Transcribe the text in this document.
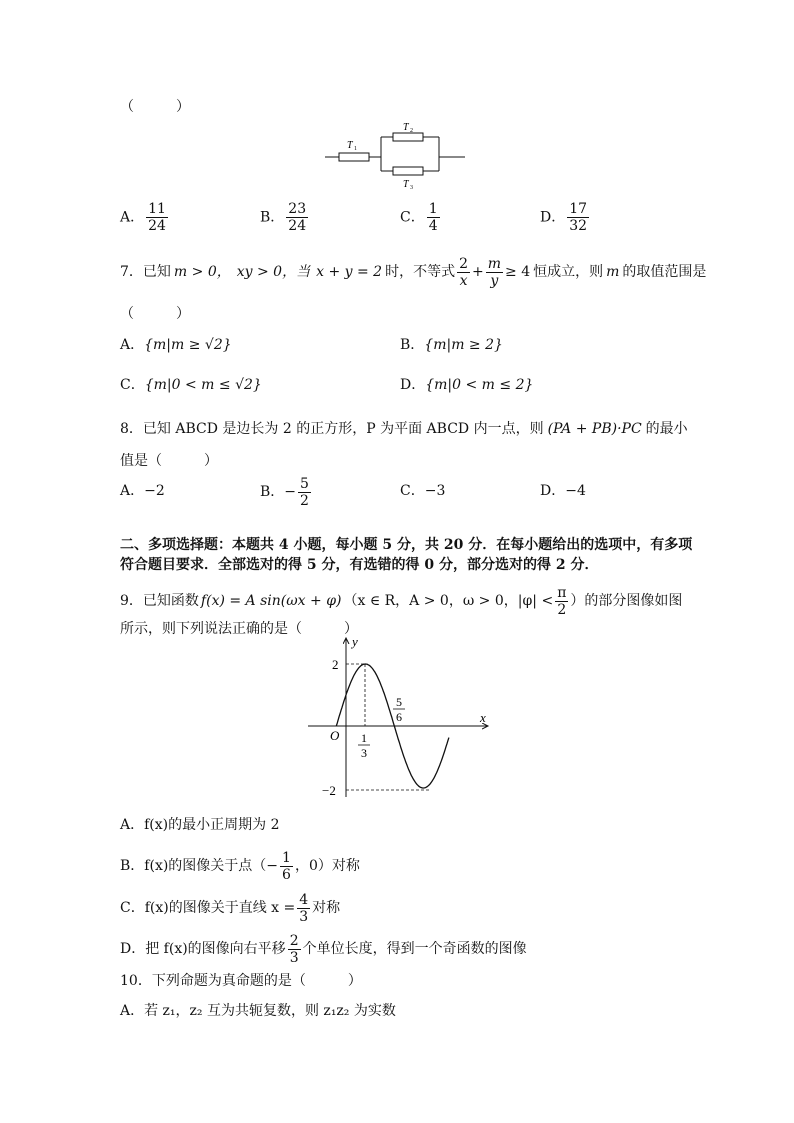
（　　　）
T 1
T 2
T 3
A． $\frac{11}{24}$	B． $\frac{23}{24}$	C． $\frac{1}{4}$	D． $\frac{17}{32}$
7．已知 m > 0， xy > 0，当 x + y = 2 时，不等式 $\frac{2}{x} + \frac{m}{y} \ge 4$ 恒成立，则 m 的取值范围是
（　　　）
A．{m|m ≥ √2}	B．{m|m ≥ 2}
C．{m|0 < m ≤ √2}	D．{m|0 < m ≤ 2}
8．已知 ABCD 是边长为 2 的正方形，P 为平面 ABCD 内一点，则 (PA + PB)·PC 的最小
值是（　　　）
A．−2	B． − $\frac{5}{2}$	C．−3	D．−4
二、多项选择题：本题共 4 小题，每小题 5 分，共 20 分．在每小题给出的选项中，有多项
符合题目要求．全部选对的得 5 分，有选错的得 0 分，部分选对的得 2 分．
9．已知函数 f(x) = A sin(ωx + φ) （x ∈ R，A > 0，ω > 0，$|\varphi| < \frac{\pi}{2}$ ）的部分图像如图
所示，则下列说法正确的是（　　　）
y
x
O
2
−2
1
3
5
6
A．f(x)的最小正周期为 2
B． f(x)的图像关于点（− $\frac{1}{6}$ ，0）对称
C． f(x)的图像关于直线 $x = \frac{4}{3}$ 对称
D． 把 f(x)的图像向右平移 $\frac{2}{3}$ 个单位长度，得到一个奇函数的图像
10．下列命题为真命题的是（　　　）
A．若 z₁，z₂ 互为共轭复数，则 z₁z₂ 为实数
